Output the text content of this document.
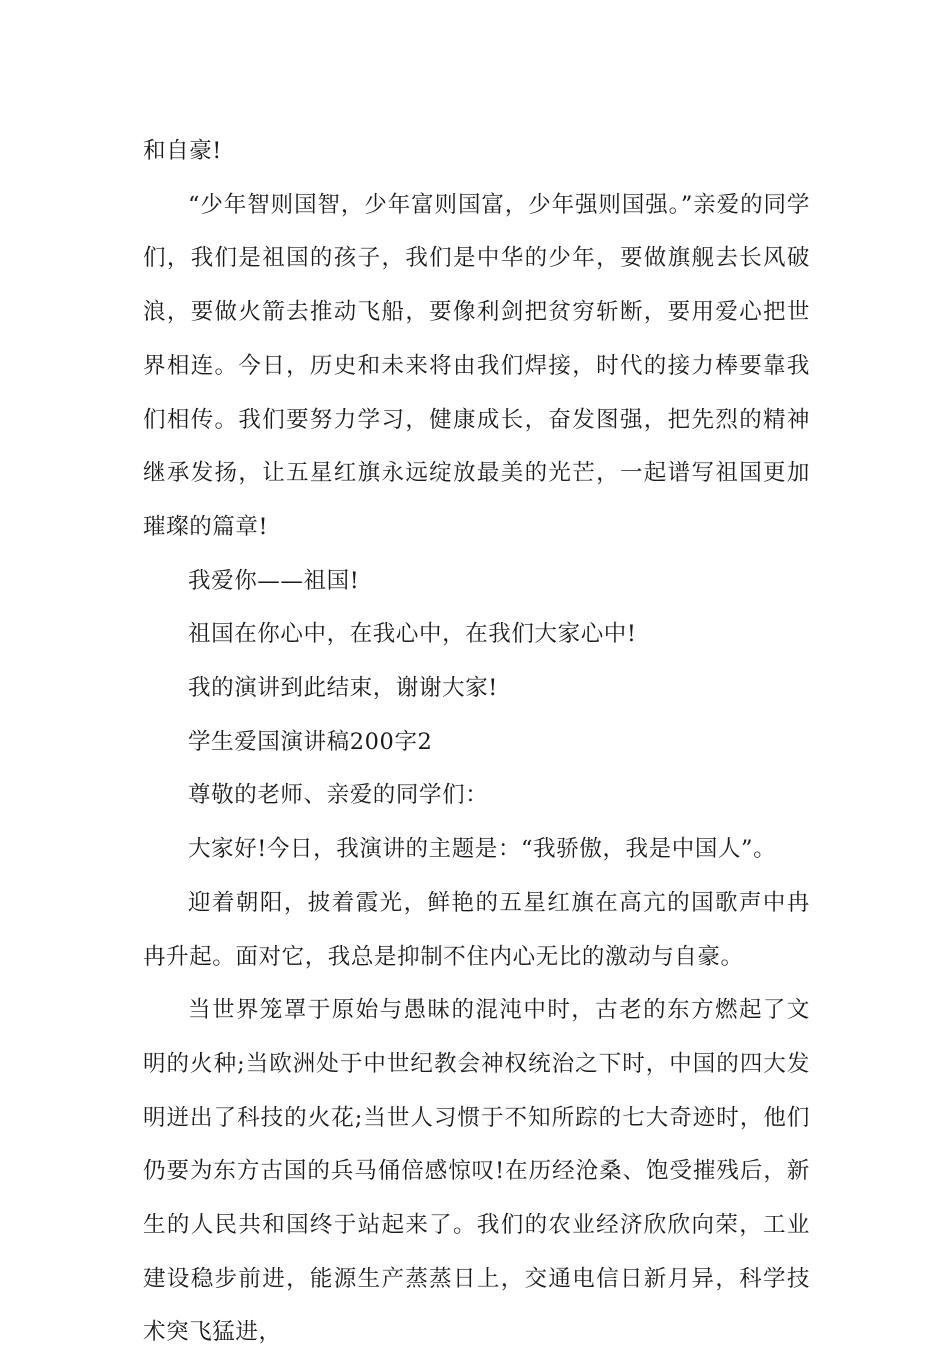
和自豪!

“少年智则国智，少年富则国富，少年强则国强。”亲爱的同学们，我们是祖国的孩子，我们是中华的少年，要做旗舰去长风破浪，要做火箭去推动飞船，要像利剑把贫穷斩断，要用爱心把世界相连。今日，历史和未来将由我们焊接，时代的接力棒要靠我们相传。我们要努力学习，健康成长，奋发图强，把先烈的精神继承发扬，让五星红旗永远绽放最美的光芒，一起谱写祖国更加璀璨的篇章!

我爱你——祖国!

祖国在你心中，在我心中，在我们大家心中!

我的演讲到此结束，谢谢大家!

学生爱国演讲稿200字2

尊敬的老师、亲爱的同学们：

大家好!今日，我演讲的主题是：“我骄傲，我是中国人”。

迎着朝阳，披着霞光，鲜艳的五星红旗在高亢的国歌声中冉冉升起。面对它，我总是抑制不住内心无比的激动与自豪。

当世界笼罩于原始与愚昧的混沌中时，古老的东方燃起了文明的火种;当欧洲处于中世纪教会神权统治之下时，中国的四大发明迸出了科技的火花;当世人习惯于不知所踪的七大奇迹时，他们仍要为东方古国的兵马俑倍感惊叹!在历经沧桑、饱受摧残后，新生的人民共和国终于站起来了。我们的农业经济欣欣向荣，工业建设稳步前进，能源生产蒸蒸日上，交通电信日新月异，科学技术突飞猛进，
